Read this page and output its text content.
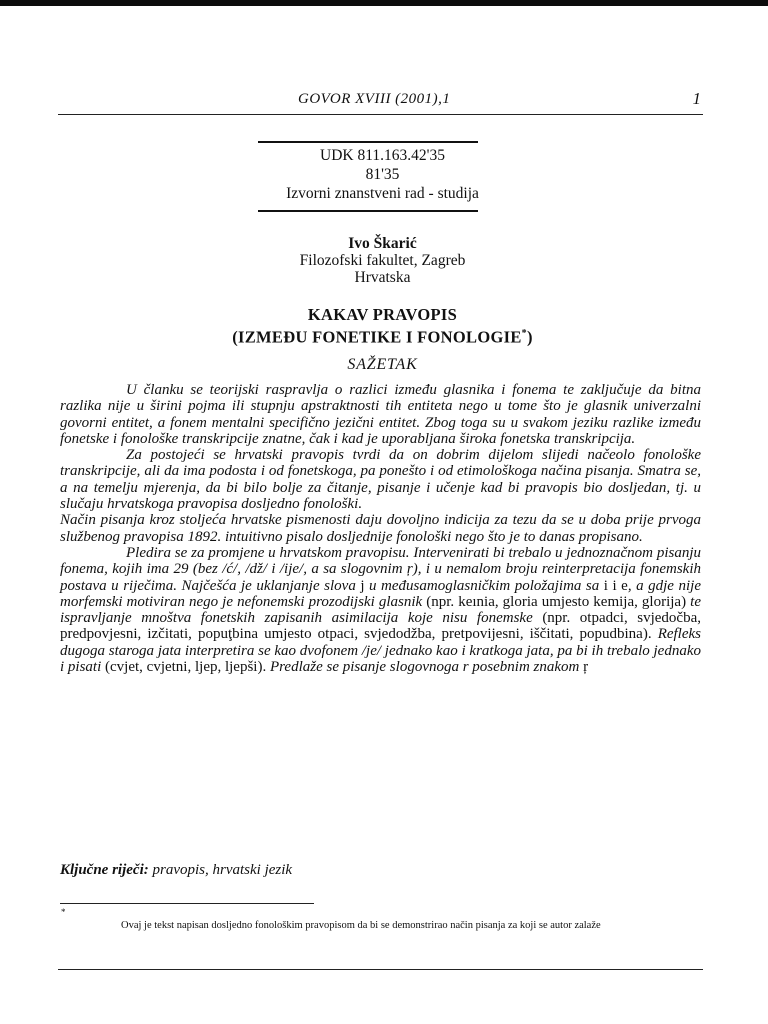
GOVOR XVIII (2001),1	1
UDK 811.163.42'35
81'35
Izvorni znanstveni rad - studija
Ivo Škarić
Filozofski fakultet, Zagreb
Hrvatska
KAKAV PRAVOPIS
(IZMEĐU FONETIKE I FONOLOGIE*)
SAŽETAK

U članku se teorijski raspravlja o razlici između glasnika i fonema te zaključuje da bitna razlika nije u širini pojma ili stupnju apstraktnosti tih entiteta nego u tome što je glasnik univerzalni govorni entitet, a fonem mentalni specifično jezični entitet. Zbog toga su u svakom jeziku razlike između fonetske i fonološke transkripcije znatne, čak i kad je uporabljana široka fonetska transkripcija.

Za postojeći se hrvatski pravopis tvrdi da on dobrim dijelom slijedi načeolo fonološke transkripcije, ali da ima podosta i od fonetskoga, pa ponešto i od etimološkoga načina pisanja. Smatra se, a na temelju mjerenja, da bi bilo bolje za čitanje, pisanje i učenje kad bi pravopis bio dosljedan, tj. u slučaju hrvatskoga pravopisa dosljedno fonološki.

Način pisanja kroz stoljeća hrvatske pismenosti daju dovoljno indicija za tezu da se u doba prije prvoga službenog pravopisa 1892. intuitivno pisalo dosljednije fonološki nego što je to danas propisano.

Pledira se za promjene u hrvatskom pravopisu. Intervenirati bi trebalo u jednoznačnom pisanju fonema, kojih ima 29 (bez /ć/, /dž/ i /ije/, a sa slogovnim ŗ), i u nemalom broju reinterpretacija fonemskih postava u riječima. Najčešća je uklanjanje slova j u međusamoglasničkim položajima sa i i e, a gdje nije morfemski motiviran nego je nefonemski prozodijski glasnik (npr. keınia, gloria umjesto kemija, glorija) te ispravljanje mnoštva fonetskih zapisanih asimilacija koje nisu fonemske (npr. otpadci, svjedočba, predpovjesni, izčitati, popuţbina umjesto otpaci, svjedodžba, pretpovijesni, iščitati, popudbina). Refleks dugoga staroga jata interpretira se kao dvofonem /je/ jednako kao i kratkoga jata, pa bi ih trebalo jednako i pisati (cvjet, cvjetni, ljep, ljepši). Predlaže se pisanje slogovnoga r posebnim znakom ŗ

Ključne riječi: pravopis, hrvatski jezik
*
Ovaj je tekst napisan dosljedno fonološkim pravopisom da bi se demonstrirao način pisanja za koji se autor zalaže
